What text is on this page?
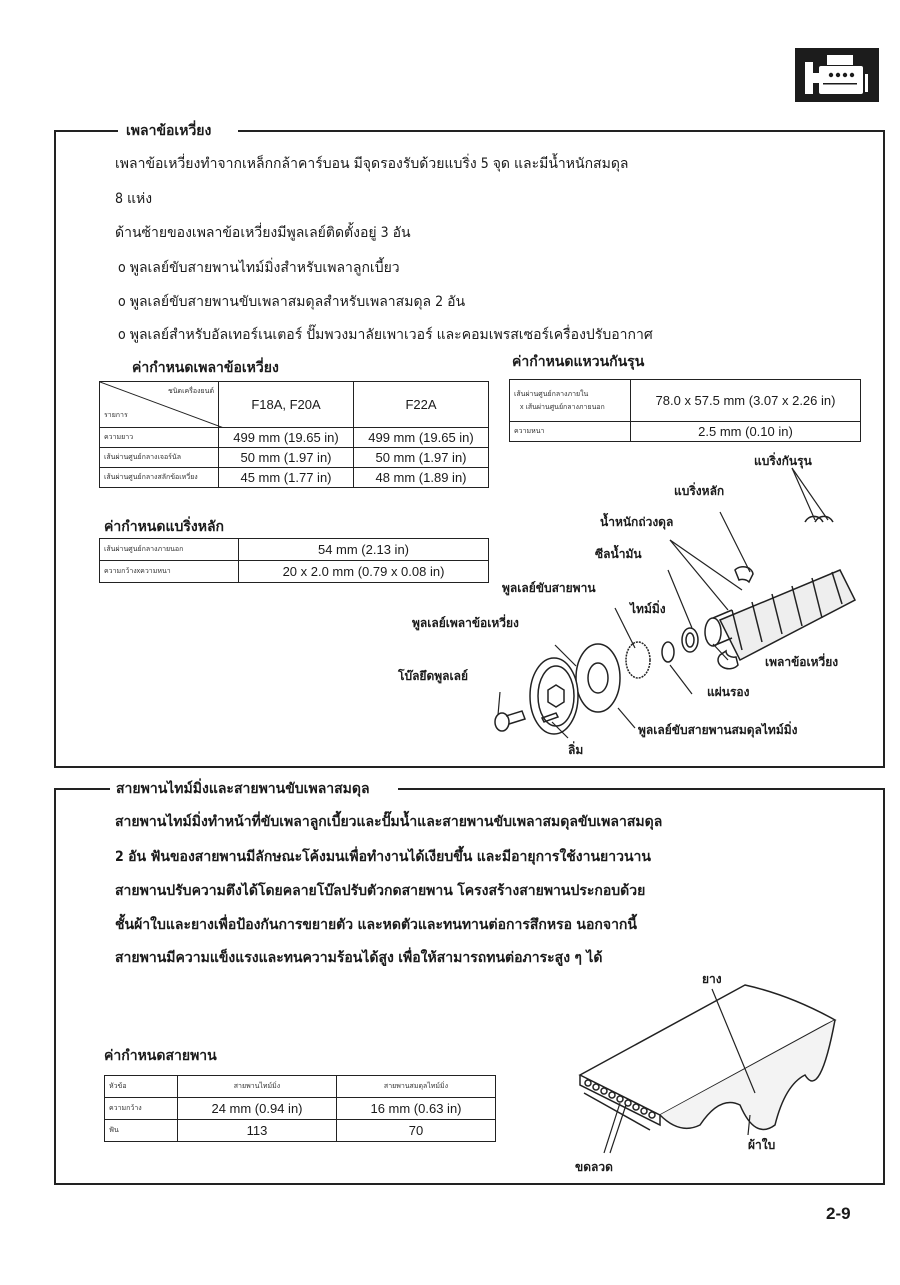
เพลาข้อเหวี่ยง
เพลาข้อเหวี่ยงทำจากเหล็กกล้าคาร์บอน มีจุดรองรับด้วยแบริ่ง 5 จุด และมีน้ำหนักสมดุล
8 แห่ง
ด้านซ้ายของเพลาข้อเหวี่ยงมีพูลเลย์ติดตั้งอยู่ 3 อัน
o พูลเลย์ขับสายพานไทม์มิ่งสำหรับเพลาลูกเบี้ยว
o พูลเลย์ขับสายพานขับเพลาสมดุลสำหรับเพลาสมดุล 2 อัน
o พูลเลย์สำหรับอัลเทอร์เนเตอร์ ปั๊มพวงมาลัยเพาเวอร์ และคอมเพรสเซอร์เครื่องปรับอากาศ
ค่ากำหนดเพลาข้อเหวี่ยง
ชนิดเครื่องยนต์
รายการ	F18A, F20A	F22A
ความยาว	499 mm (19.65 in)	499 mm (19.65 in)
เส้นผ่านศูนย์กลางเจอร์นัล	50 mm (1.97 in)	50 mm (1.97 in)
เส้นผ่านศูนย์กลางสลักข้อเหวี่ยง	45 mm (1.77 in)	48 mm (1.89 in)
ค่ากำหนดแหวนกันรุน
เส้นผ่านศูนย์กลางภายใน
x เส้นผ่านศูนย์กลางภายนอก	78.0 x 57.5 mm (3.07 x 2.26 in)
ความหนา	2.5 mm (0.10 in)
ค่ากำหนดแบริ่งหลัก
เส้นผ่านศูนย์กลางภายนอก	54 mm (2.13 in)
ความกว้างxความหนา	20 x 2.0 mm (0.79 x 0.08 in)
แบริ่งกันรุน
แบริ่งหลัก
น้ำหนักถ่วงดุล
ซีลน้ำมัน
พูลเลย์ขับสายพาน
ไทม์มิ่ง
พูลเลย์เพลาข้อเหวี่ยง
เพลาข้อเหวี่ยง
โบ๊ลยึดพูลเลย์
แผ่นรอง
พูลเลย์ขับสายพานสมดุลไทม์มิ่ง
ลิ่ม
สายพานไทม์มิ่งและสายพานขับเพลาสมดุล
สายพานไทม์มิ่งทำหน้าที่ขับเพลาลูกเบี้ยวและปั๊มน้ำและสายพานขับเพลาสมดุลขับเพลาสมดุล
2 อัน ฟันของสายพานมีลักษณะโค้งมนเพื่อทำงานได้เงียบขึ้น และมีอายุการใช้งานยาวนาน
สายพานปรับความตึงได้โดยคลายโบ๊ลปรับตัวกดสายพาน โครงสร้างสายพานประกอบด้วย
ชั้นผ้าใบและยางเพื่อป้องกันการขยายตัว และหดตัวและทนทานต่อการสึกหรอ นอกจากนี้
สายพานมีความแข็งแรงและทนความร้อนได้สูง เพื่อให้สามารถทนต่อภาระสูง ๆ ได้
ค่ากำหนดสายพาน
หัวข้อ	สายพานไทม์มิ่ง	สายพานสมดุลไทม์มิ่ง
ความกว้าง	24 mm (0.94 in)	16 mm (0.63 in)
ฟัน	113	70
ยาง
ผ้าใบ
ขดลวด
2-9
